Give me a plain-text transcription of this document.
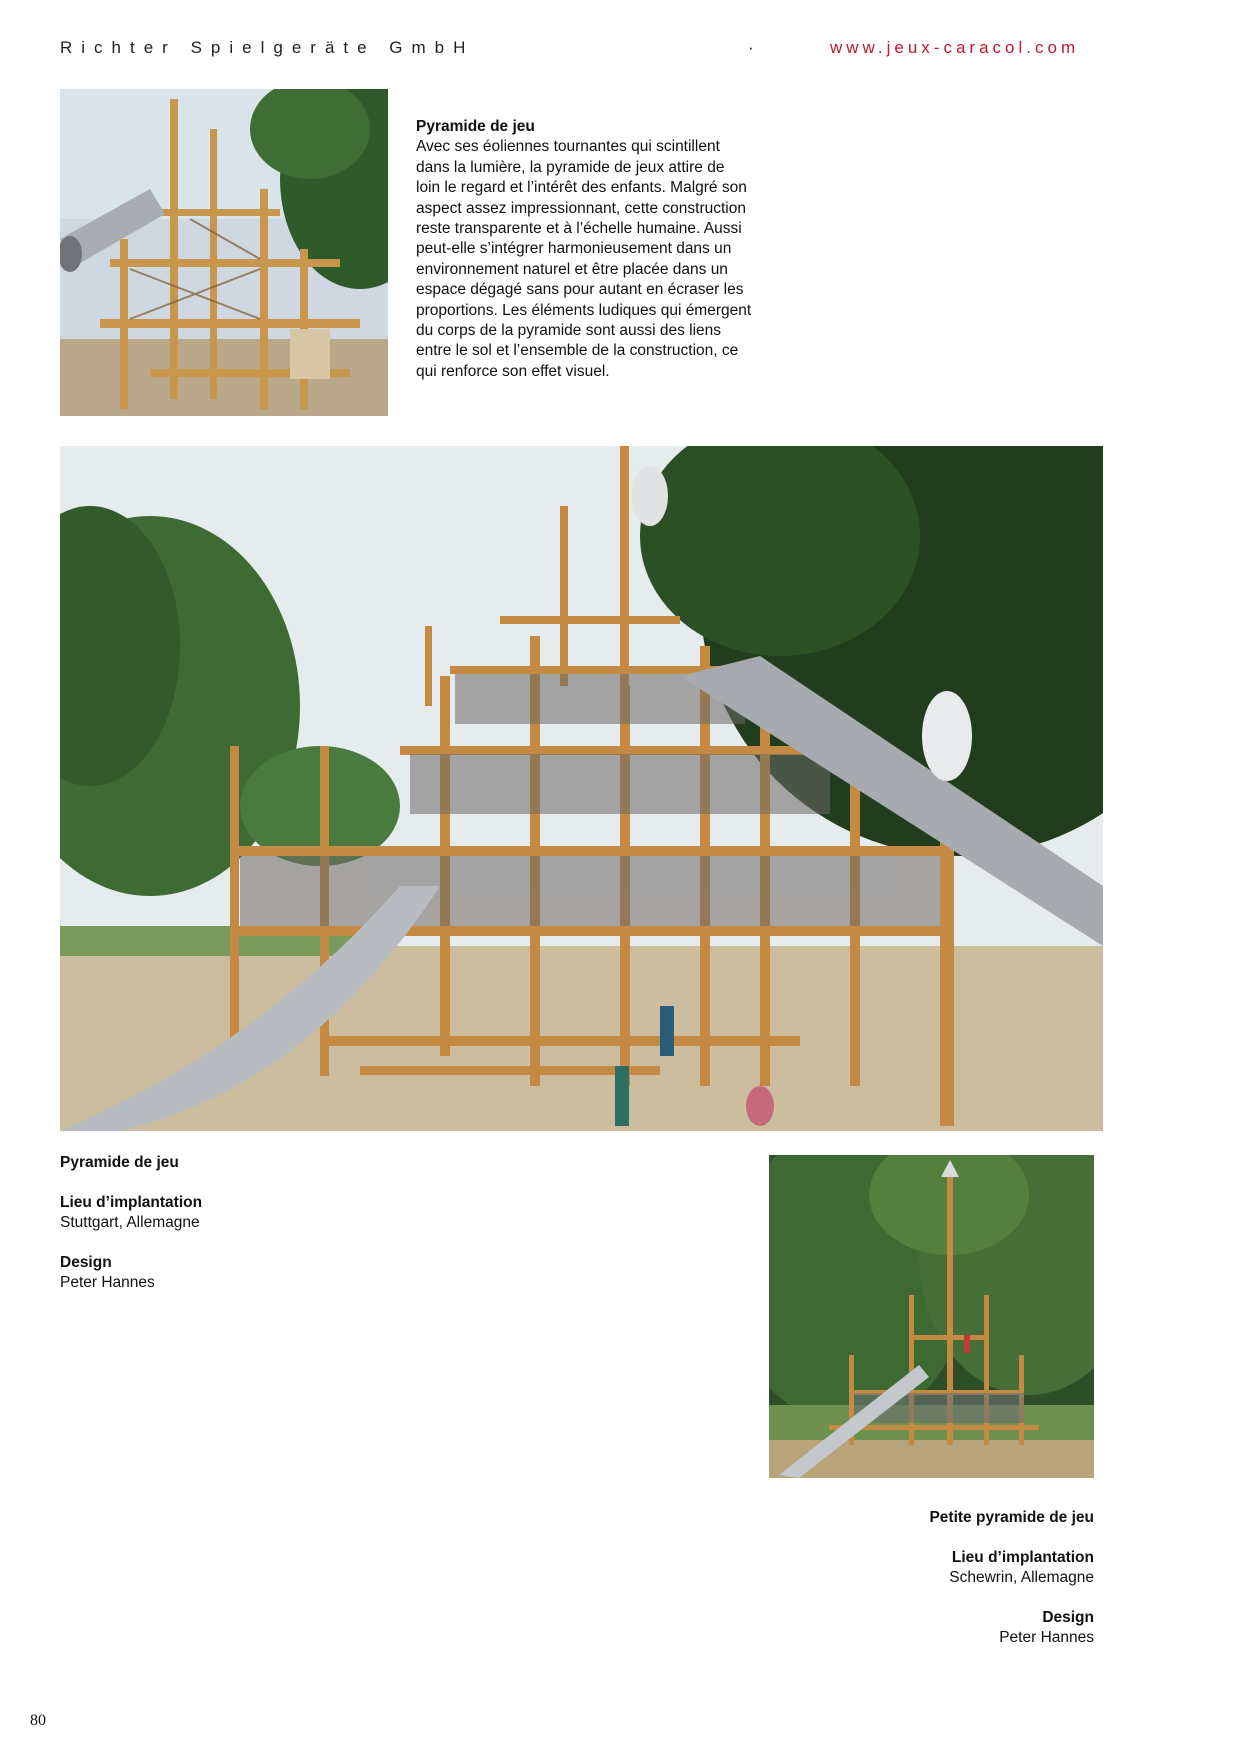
Richter Spielgeräte GmbH	·	www.jeux-caracol.com
Pyramide de jeu

Avec ses éoliennes tournantes qui scintillent dans la lumière, la pyramide de jeux attire de loin le regard et l’intérêt des enfants. Malgré son aspect assez impressionnant, cette construction reste transparente et à l’échelle humaine. Aussi peut-elle s’intégrer harmonieusement dans un environnement naturel et être placée dans un espace dégagé sans pour autant en écraser les proportions. Les éléments ludiques qui émergent du corps de la pyramide sont aussi des liens entre le sol et l’ensemble de la construction, ce qui renforce son effet visuel.

Pyramide de jeu
Lieu d’implantation
Stuttgart, Allemagne
Design
Peter Hannes
Petite pyramide de jeu
Lieu d’implantation
Schewrin, Allemagne
Design
Peter Hannes
80
